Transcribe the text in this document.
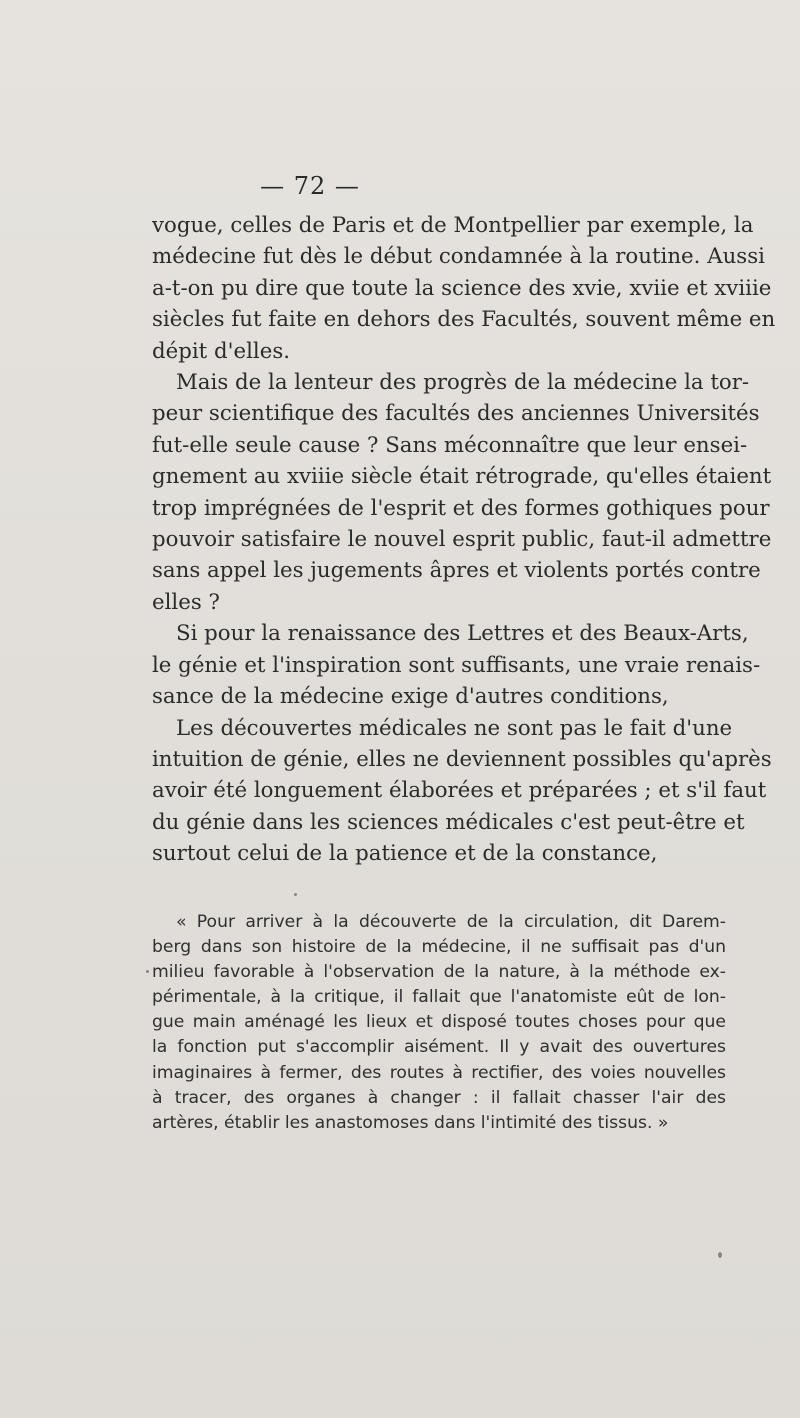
— 72 —
vogue, celles de Paris et de Montpellier par exemple, la
médecine fut dès le début condamnée à la routine. Aussi
a-t-on pu dire que toute la science des xvie, xviie et xviiie
siècles fut faite en dehors des Facultés, souvent même en
dépit d'elles.
Mais de la lenteur des progrès de la médecine la tor-
peur scientifique des facultés des anciennes Universités
fut-elle seule cause ? Sans méconnaître que leur ensei-
gnement au xviiie siècle était rétrograde, qu'elles étaient
trop imprégnées de l'esprit et des formes gothiques pour
pouvoir satisfaire le nouvel esprit public, faut-il admettre
sans appel les jugements âpres et violents portés contre
elles ?
Si pour la renaissance des Lettres et des Beaux-Arts,
le génie et l'inspiration sont suffisants, une vraie renais-
sance de la médecine exige d'autres conditions,
Les découvertes médicales ne sont pas le fait d'une
intuition de génie, elles ne deviennent possibles qu'après
avoir été longuement élaborées et préparées ; et s'il faut
du génie dans les sciences médicales c'est peut-être et
surtout celui de la patience et de la constance,
« Pour arriver à la découverte de la circulation, dit Darem-
berg dans son histoire de la médecine, il ne suffisait pas d'un
milieu favorable à l'observation de la nature, à la méthode ex-
périmentale, à la critique, il fallait que l'anatomiste eût de lon-
gue main aménagé les lieux et disposé toutes choses pour que
la fonction put s'accomplir aisément. Il y avait des ouvertures
imaginaires à fermer, des routes à rectifier, des voies nouvelles
à tracer, des organes à changer : il fallait chasser l'air des
artères, établir les anastomoses dans l'intimité des tissus. »
